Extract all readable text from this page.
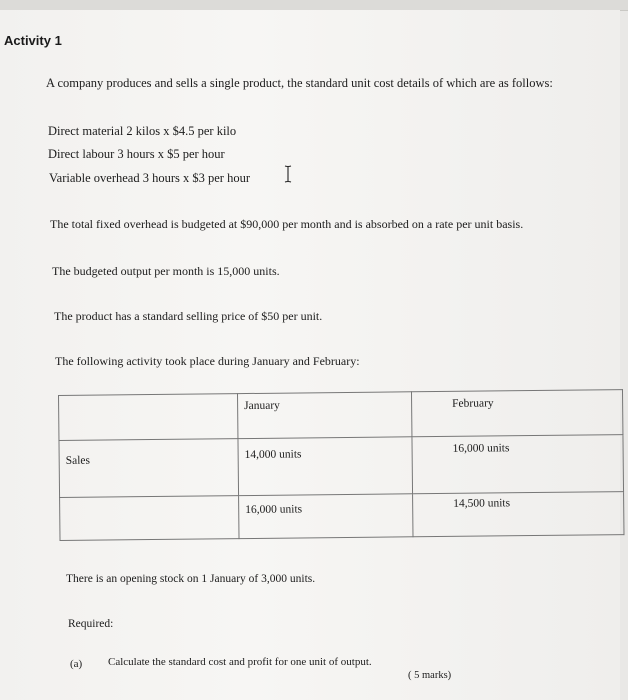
Activity 1
A company produces and sells a single product, the standard unit cost details of which are as follows:
Direct material 2 kilos x $4.5 per kilo
Direct labour 3 hours x $5 per hour
Variable overhead 3 hours x $3 per hour
The total fixed overhead is budgeted at $90,000 per month and is absorbed on a rate per unit basis.
The budgeted output per month is 15,000 units.
The product has a standard selling price of $50 per unit.
The following activity took place during January and February:
	January	February
Sales	14,000 units	16,000 units
	16,000 units	14,500 units
There is an opening stock on 1 January of 3,000 units.
Required:
(a) Calculate the standard cost and profit for one unit of output.
( 5 marks)
